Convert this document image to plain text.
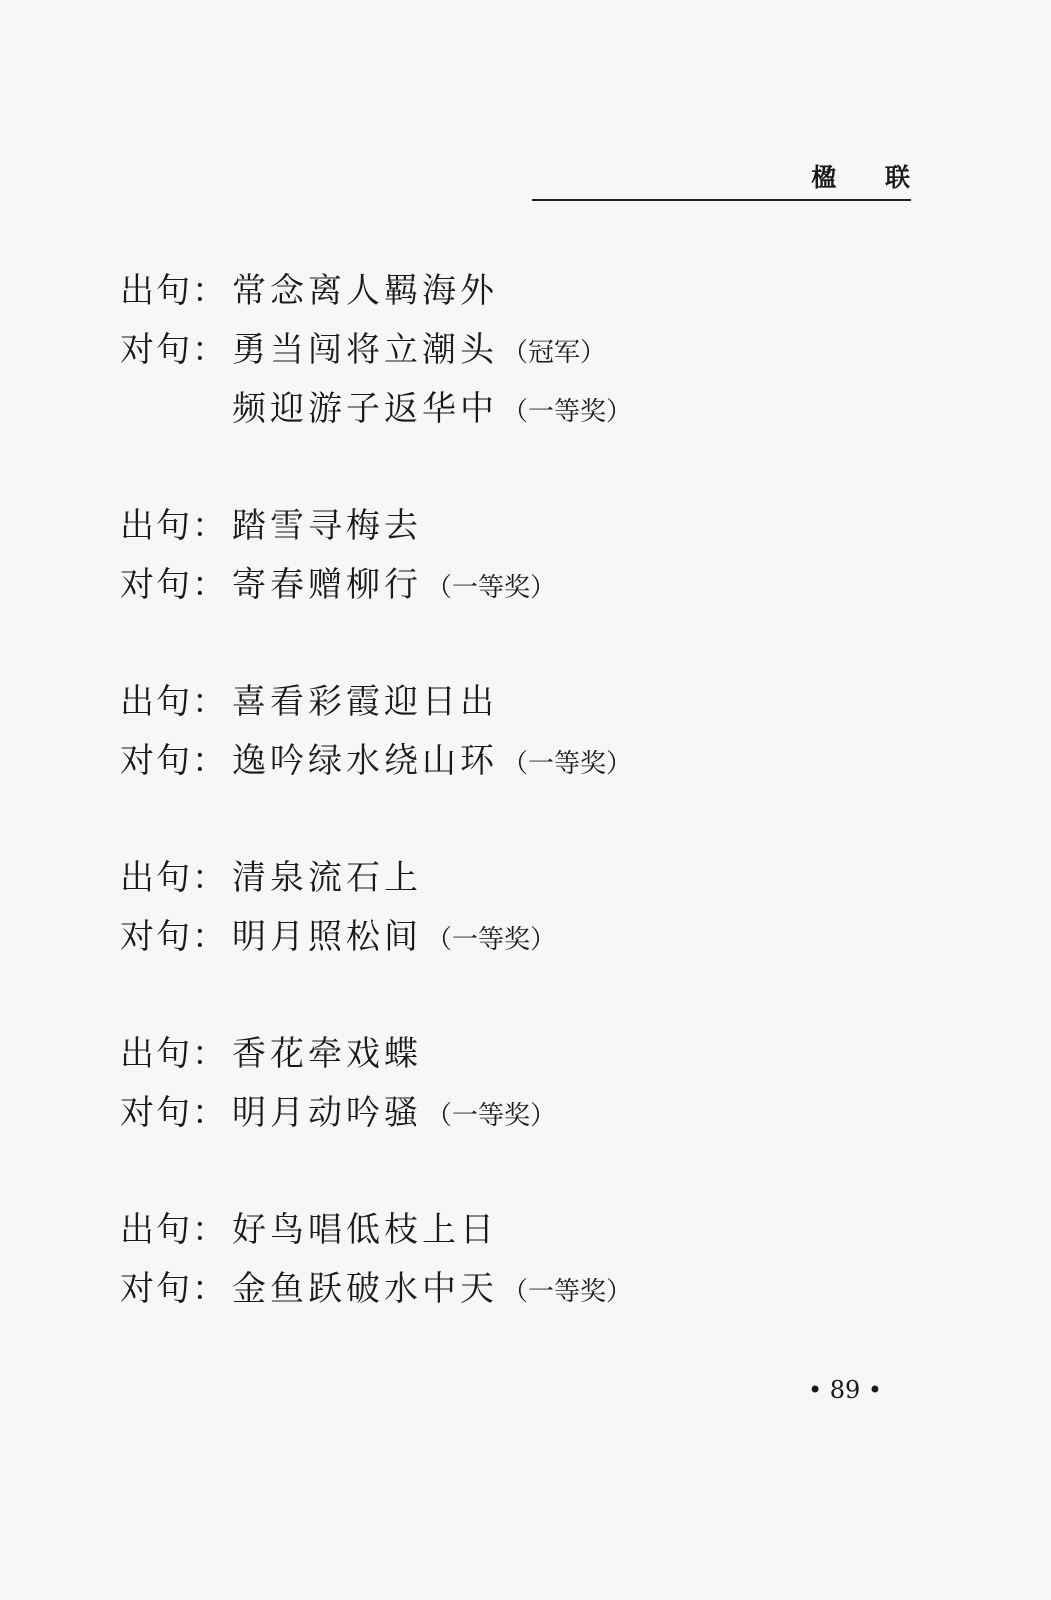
楹 联
出句： 常念离人羁海外
对句： 勇当闯将立潮头 （冠军）
频迎游子返华中 （一等奖）
出句： 踏雪寻梅去
对句： 寄春赠柳行 （一等奖）
出句： 喜看彩霞迎日出
对句： 逸吟绿水绕山环 （一等奖）
出句： 清泉流石上
对句： 明月照松间 （一等奖）
出句： 香花牵戏蝶
对句： 明月动吟骚 （一等奖）
出句： 好鸟唱低枝上日
对句： 金鱼跃破水中天 （一等奖）
• 89 •
